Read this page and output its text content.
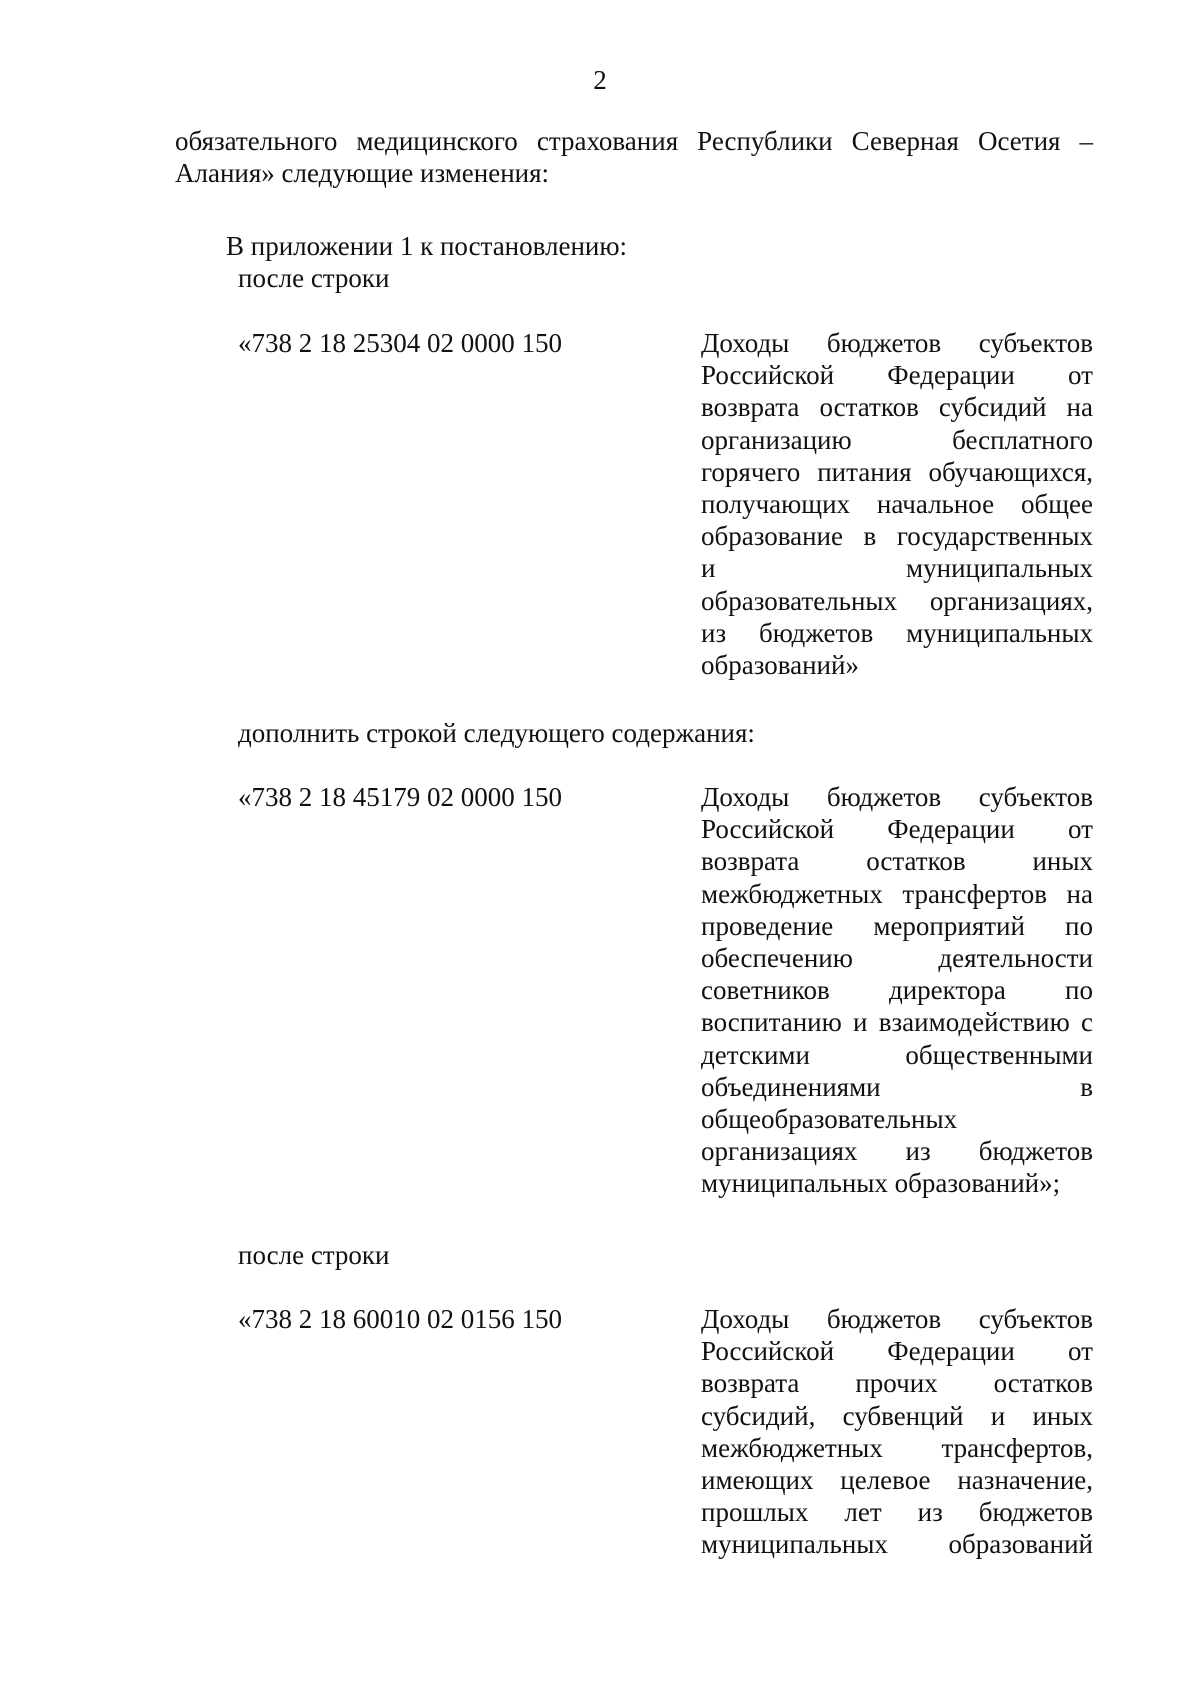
2
обязательного медицинского страхования Республики Северная Осетия –
Алания» следующие изменения:
В приложении 1 к постановлению:
после строки
«738 2 18 25304 02 0000 150	Доходы бюджетов субъектов
Российской Федерации от
возврата остатков субсидий на
организацию бесплатного
горячего питания обучающихся,
получающих начальное общее
образование в государственных
и муниципальных
образовательных организациях,
из бюджетов муниципальных
образований»
дополнить строкой следующего содержания:
«738 2 18 45179 02 0000 150	Доходы бюджетов субъектов
Российской Федерации от
возврата остатков иных
межбюджетных трансфертов на
проведение мероприятий по
обеспечению деятельности
советников директора по
воспитанию и взаимодействию с
детскими общественными
объединениями в
общеобразовательных
организациях из бюджетов
муниципальных образований»;
после строки
«738 2 18 60010 02 0156 150	Доходы бюджетов субъектов
Российской Федерации от
возврата прочих остатков
субсидий, субвенций и иных
межбюджетных трансфертов,
имеющих целевое назначение,
прошлых лет из бюджетов
муниципальных образований
